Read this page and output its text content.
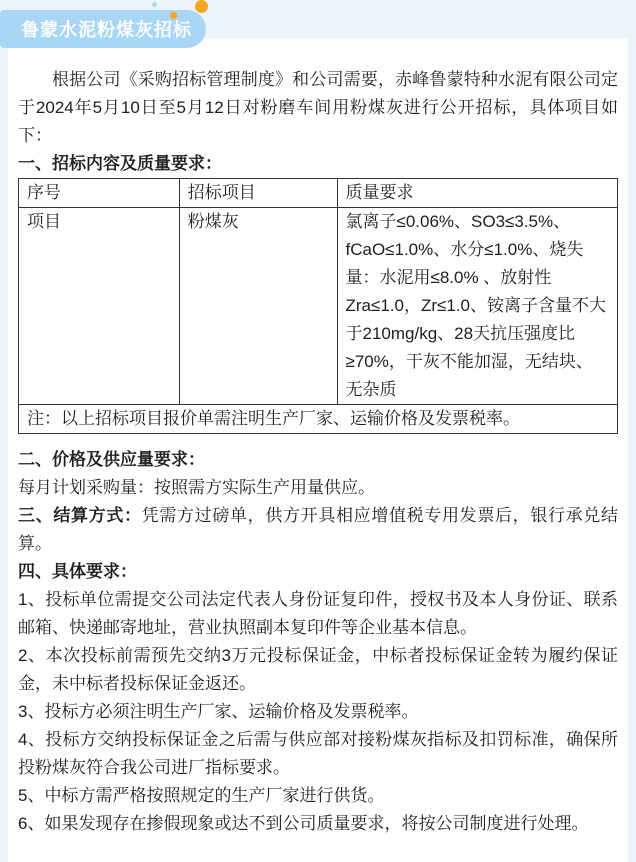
根据公司《采购招标管理制度》和公司需要，赤峰鲁蒙特种水泥有限公司定于2024年5月10日至5月12日对粉磨车间用粉煤灰进行公开招标，具体项目如下：

一、招标内容及质量要求：

序号	招标项目	质量要求
项目	粉煤灰	氯离子≤0.06%、SO3≤3.5%、fCaO≤1.0%、水分≤1.0%、烧失量：水泥用≤8.0% 、放射性Zra≤1.0，Zr≤1.0、铵离子含量不大于210mg/kg、28天抗压强度比≥70%，干灰不能加湿，无结块、无杂质
注：以上招标项目报价单需注明生产厂家、运输价格及发票税率。		

二、价格及供应量要求：

每月计划采购量：按照需方实际生产用量供应。

三、结算方式：凭需方过磅单，供方开具相应增值税专用发票后，银行承兑结算。

四、具体要求：

1、投标单位需提交公司法定代表人身份证复印件，授权书及本人身份证、联系邮箱、快递邮寄地址，营业执照副本复印件等企业基本信息。

2、本次投标前需预先交纳3万元投标保证金，中标者投标保证金转为履约保证金，未中标者投标保证金返还。

3、投标方必须注明生产厂家、运输价格及发票税率。

4、投标方交纳投标保证金之后需与供应部对接粉煤灰指标及扣罚标准，确保所投粉煤灰符合我公司进厂指标要求。

5、中标方需严格按照规定的生产厂家进行供货。

6、如果发现存在掺假现象或达不到公司质量要求，将按公司制度进行处理。

鲁蒙水泥粉煤灰招标
